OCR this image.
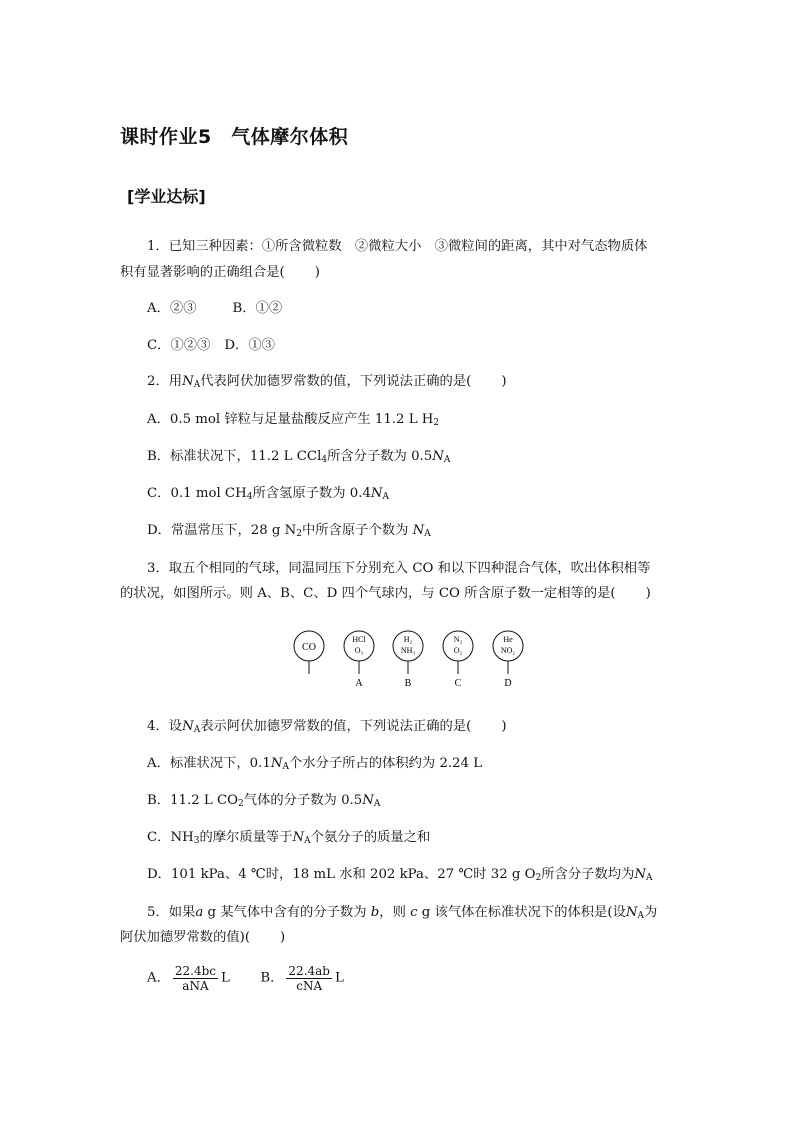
课时作业5　气体摩尔体积
[学业达标]
1．已知三种因素：①所含微粒数　②微粒大小　③微粒间的距离，其中对气态物质体
积有显著影响的正确组合是( )
A．②③	B．①②
C．①②③ D．①③
2．用$N_A$代表阿伏加德罗常数的值，下列说法正确的是( )
A．0.5 mol 锌粒与足量盐酸反应产生 11.2 L $H_2$
B．标准状况下，11.2 L CCl$_4$所含分子数为 $0.5N_A$
C．0.1 mol $CH_4$所含氢原子数为 $0.4N_A$
D．常温常压下，28 g $N_2$中所含原子个数为 $N_A$
3．取五个相同的气球，同温同压下分别充入 CO 和以下四种混合气体，吹出体积相等
的状况，如图所示。则 A、B、C、D 四个气球内，与 CO 所含原子数一定相等的是( )
CO
HCl
O₃
A
H₂
NH₃
B
N₂
O₂
C
He
NO₂
D
4．设$N_A$表示阿伏加德罗常数的值，下列说法正确的是( )
A．标准状况下，$0.1N_A$个水分子所占的体积约为 2.24 L
B．11.2 L $CO_2$气体的分子数为 $0.5N_A$
C．$NH_3$的摩尔质量等于$N_A$个氨分子的质量之和
D．101 kPa、4 ℃时，18 mL 水和 202 kPa、27 ℃时 32 g $O_2$所含分子数均为$N_A$
5．如果a g 某气体中含有的分子数为 b，则 c g 该气体在标准状况下的体积是(设$N_A$为
阿伏加德罗常数的值)( )
A． $\frac{22.4bc}{\text{aNA}}$ L B． $\frac{22.4ab}{\text{cNA}}$ L
